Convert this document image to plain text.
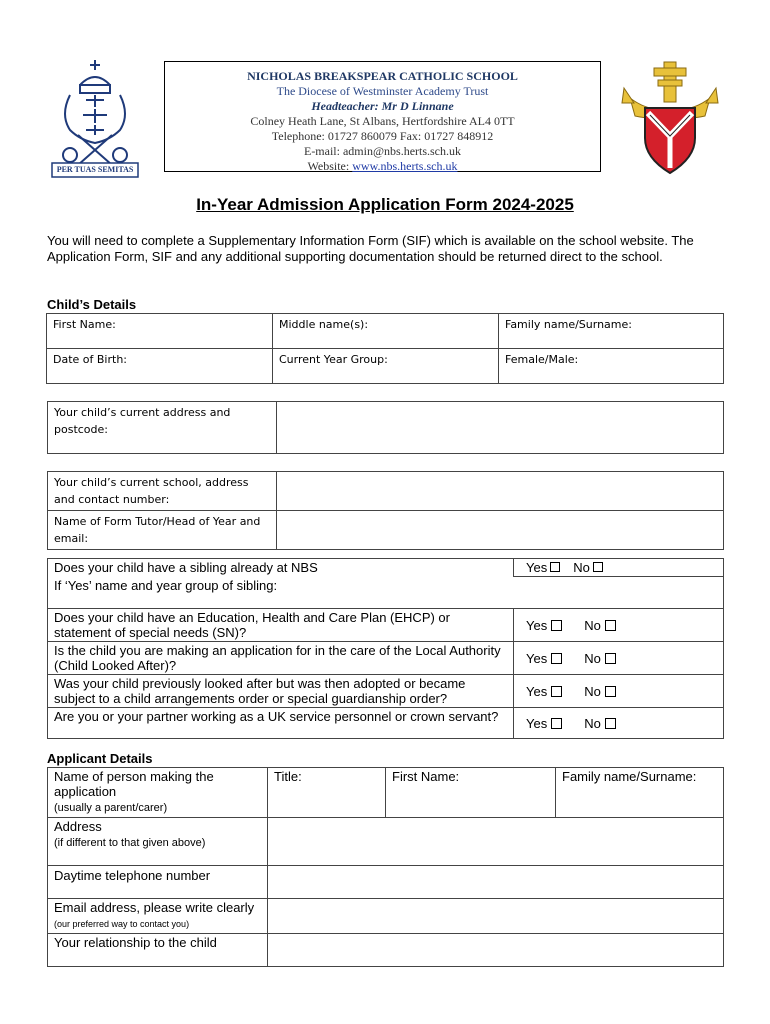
PER TUAS SEMITAS
NICHOLAS BREAKSPEAR CATHOLIC SCHOOL
The Diocese of Westminster Academy Trust
Headteacher: Mr D Linnane
Colney Heath Lane, St Albans, Hertfordshire AL4 0TT
Telephone: 01727 860079 Fax: 01727 848912
E-mail: admin@nbs.herts.sch.uk
Website: www.nbs.herts.sch.uk
In-Year Admission Application Form 2024-2025
You will need to complete a Supplementary Information Form (SIF) which is available on the school website. The Application Form, SIF and any additional supporting documentation should be returned direct to the school.
Child’s Details
First Name:	Middle name(s):	Family name/Surname:
Date of Birth:	Current Year Group:	Female/Male:
Your child’s current address and postcode:	
Your child’s current school, address and contact number:	
Name of Form Tutor/Head of Year and email:	
Does your child have a sibling already at NBS	Yes No
If ‘Yes’ name and year group of sibling:	
Does your child have an Education, Health and Care Plan (EHCP) or statement of special needs (SN)?	Yes No
Is the child you are making an application for in the care of the Local Authority (Child Looked After)?	Yes No
Was your child previously looked after but was then adopted or became subject to a child arrangements order or special guardianship order?	Yes No
Are you or your partner working as a UK service personnel or crown servant?	Yes No
Applicant Details
Name of person making the application
(usually a parent/carer)	Title:	First Name:	Family name/Surname:
Address
(if different to that given above)			
Daytime telephone number			
Email address, please write clearly (our preferred way to contact you)			
Your relationship to the child			
